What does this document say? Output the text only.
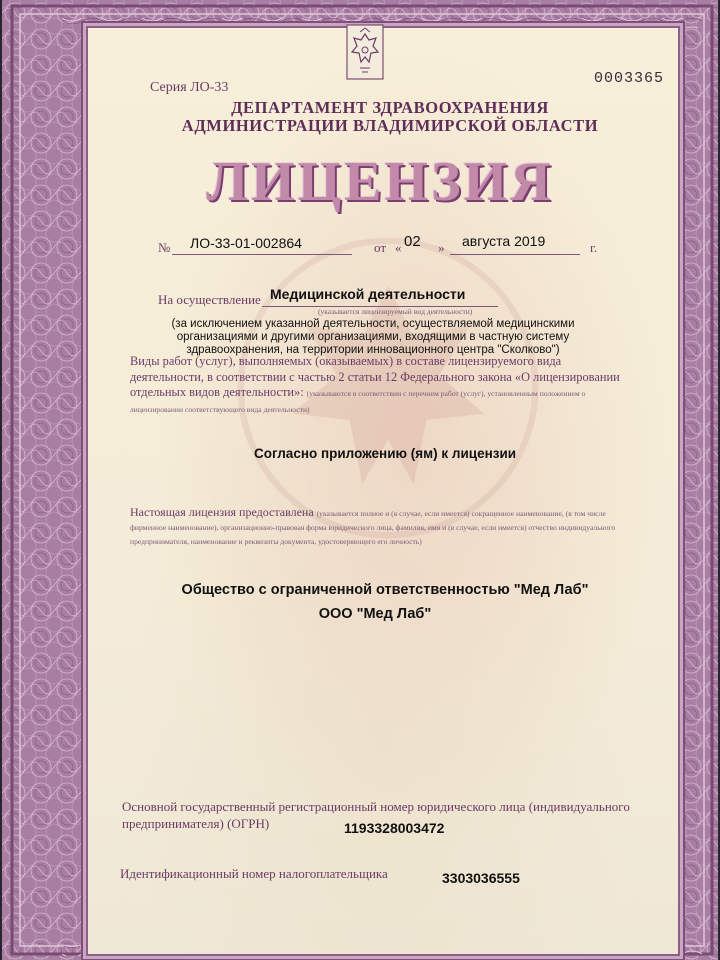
Серия ЛО-33
0003365
ДЕПАРТАМЕНТ ЗДРАВООХРАНЕНИЯ
АДМИНИСТРАЦИИ ВЛАДИМИРСКОЙ ОБЛАСТИ
ЛИЦЕНЗИЯ
№ ЛО-33-01-002864	от « 02 » августа 2019	г.
На осуществление Медицинской деятельности
(указывается лицензируемый вид деятельности)
(за исключением указанной деятельности, осуществляемой медицинскими организациями и другими организациями, входящими в частную систему здравоохранения, на территории инновационного центра "Сколково")
Виды работ (услуг), выполняемых (оказываемых) в составе лицензируемого вида деятельности, в соответствии с частью 2 статьи 12 Федерального закона «О лицензировании отдельных видов деятельности»: (указываются в соответствии с перечнем работ (услуг), установленным положением о лицензировании соответствующего вида деятельности)
Согласно приложению (ям) к лицензии
Настоящая лицензия предоставлена (указывается полное и (в случае, если имеется) сокращенное наименование, (в том числе фирменное наименование), организационно-правовая форма юридического лица, фамилия, имя и (в случае, если имеется) отчество индивидуального предпринимателя, наименование и реквизиты документа, удостоверяющего его личность)
Общество с ограниченной ответственностью "Мед Лаб"
ООО "Мед Лаб"
Основной государственный регистрационный номер юридического лица (индивидуального предпринимателя) (ОГРН)	1193328003472
Идентификационный номер налогоплательщика	3303036555
